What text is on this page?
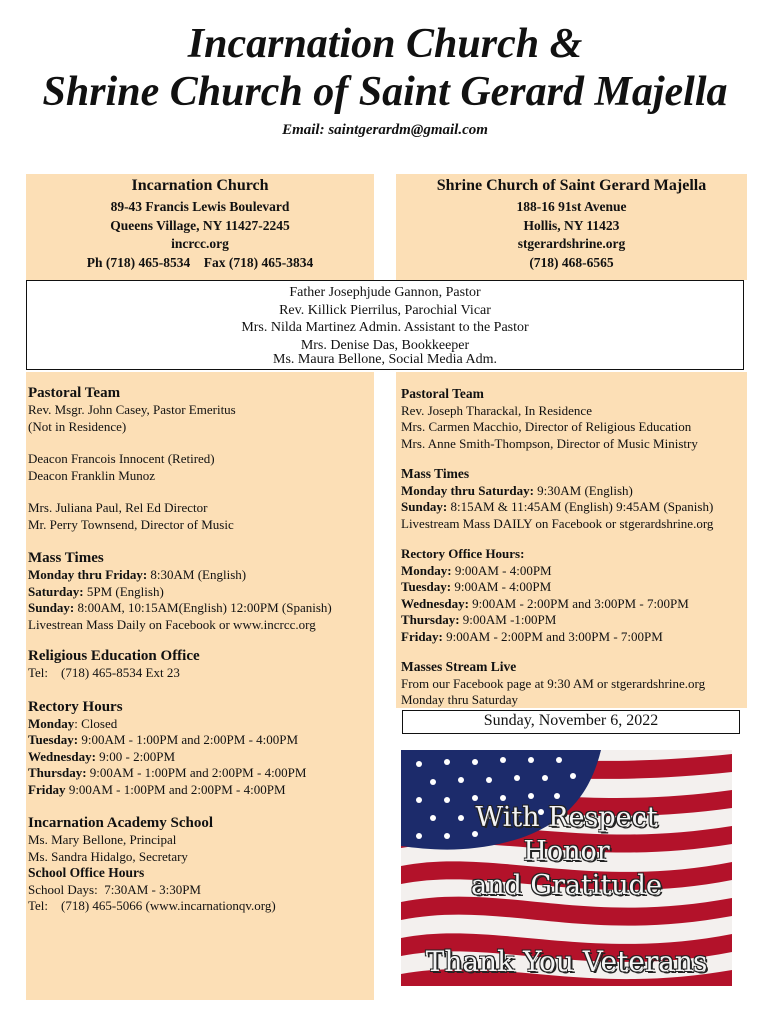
Incarnation Church &
Shrine Church of Saint Gerard Majella
Email: saintgerardm@gmail.com
Incarnation Church
89-43 Francis Lewis Boulevard
Queens Village, NY 11427-2245
incrcc.org
Ph (718) 465-8534    Fax (718) 465-3834
Shrine Church of Saint Gerard Majella
188-16 91st Avenue
Hollis, NY 11423
stgerardshrine.org
(718) 468-6565
Father Josephjude Gannon, Pastor
Rev. Killick Pierrilus, Parochial Vicar
Mrs. Nilda Martinez Admin. Assistant to the Pastor
Mrs. Denise Das, Bookkeeper
Ms. Maura Bellone, Social Media Adm.
Pastoral Team
Rev. Msgr. John Casey, Pastor Emeritus
(Not in Residence)
Deacon Francois Innocent (Retired)
Deacon Franklin Munoz
Mrs. Juliana Paul, Rel Ed Director
Mr. Perry Townsend, Director of Music
Mass Times
Monday thru Friday: 8:30AM (English)
Saturday: 5PM (English)
Sunday: 8:00AM, 10:15AM(English) 12:00PM (Spanish)
Livestrean Mass Daily on Facebook or www.incrcc.org
Religious Education Office
Tel:    (718) 465-8534 Ext 23
Rectory Hours
Monday: Closed
Tuesday: 9:00AM - 1:00PM and 2:00PM - 4:00PM
Wednesday: 9:00 - 2:00PM
Thursday: 9:00AM - 1:00PM and 2:00PM - 4:00PM
Friday 9:00AM - 1:00PM and 2:00PM - 4:00PM
Incarnation Academy School
Ms. Mary Bellone, Principal
Ms. Sandra Hidalgo, Secretary
School Office Hours
School Days:  7:30AM - 3:30PM
Tel:    (718) 465-5066 (www.incarnationqv.org)
Pastoral Team
Rev. Joseph Tharackal, In Residence
Mrs. Carmen Macchio, Director of Religious Education
Mrs. Anne Smith-Thompson, Director of Music Ministry
Mass Times
Monday thru Saturday: 9:30AM (English)
Sunday: 8:15AM & 11:45AM (English) 9:45AM (Spanish)
Livestream Mass DAILY on Facebook or stgerardshrine.org
Rectory Office Hours:
Monday: 9:00AM - 4:00PM
Tuesday: 9:00AM - 4:00PM
Wednesday: 9:00AM - 2:00PM and 3:00PM - 7:00PM
Thursday: 9:00AM -1:00PM
Friday: 9:00AM - 2:00PM and 3:00PM - 7:00PM
Masses Stream Live
From our Facebook page at 9:30 AM or stgerardshrine.org
Monday thru Saturday
Sunday, November 6, 2022
With Respect
Honor
and Gratitude
Thank You Veterans
